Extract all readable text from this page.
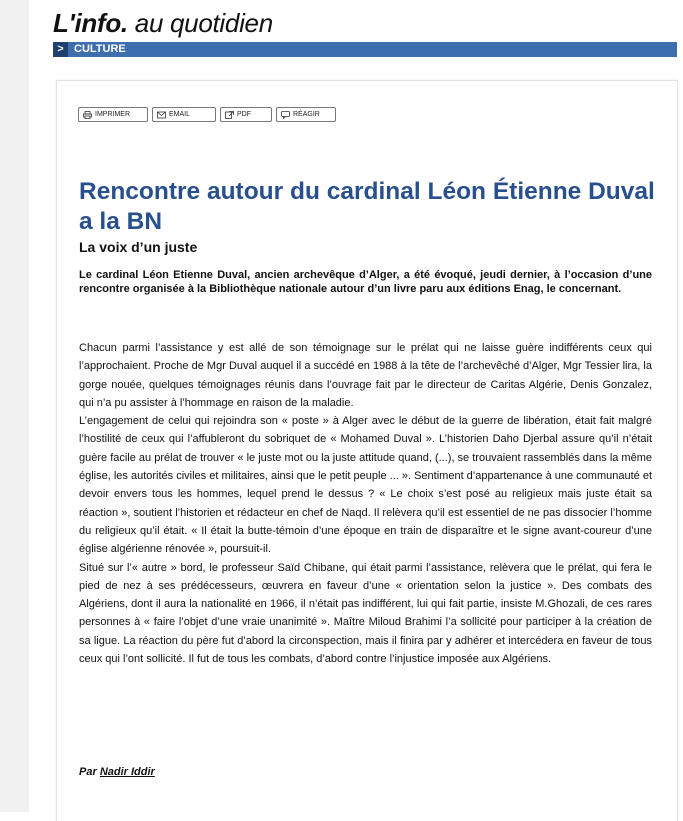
L'info. au quotidien
> CULTURE
IMPRIMER	EMAIL	PDF	RÉAGIR
Rencontre autour du cardinal Léon Étienne Duval a la BN
La voix d’un juste

Le cardinal Léon Etienne Duval, ancien archevêque d’Alger, a été évoqué, jeudi dernier, à l’occasion d’une rencontre organisée à la Bibliothèque nationale autour d’un livre paru aux éditions Enag, le concernant.

Chacun parmi l’assistance y est allé de son témoignage sur le prélat qui ne laisse guère indifférents ceux qui l’approchaient. Proche de Mgr Duval auquel il a succédé en 1988 à la tête de l’archevêché d’Alger, Mgr Tessier lira, la gorge nouée, quelques témoignages réunis dans l’ouvrage fait par le directeur de Caritas Algérie, Denis Gonzalez, qui n’a pu assister à l’hommage en raison de la maladie.

L’engagement de celui qui rejoindra son « poste » à Alger avec le début de la guerre de libération, était fait malgré l’hostilité de ceux qui l’affubleront du sobriquet de « Mohamed Duval ». L’historien Daho Djerbal assure qu’il n’était guère facile au prélat de trouver « le juste mot ou la juste attitude quand, (...), se trouvaient rassemblés dans la même église, les autorités civiles et militaires, ainsi que le petit peuple ... ». Sentiment d’appartenance à une communauté et devoir envers tous les hommes, lequel prend le dessus ? « Le choix s’est posé au religieux mais juste était sa réaction », soutient l’historien et rédacteur en chef de Naqd. Il relèvera qu’il est essentiel de ne pas dissocier l’homme du religieux qu’il était. « Il était la butte-témoin d’une époque en train de disparaître et le signe avant-coureur d’une église algérienne rénovée », poursuit-il.

Situé sur l’« autre » bord, le professeur Saïd Chibane, qui était parmi l’assistance, relèvera que le prélat, qui fera le pied de nez à ses prédécesseurs, œuvrera en faveur d’une « orientation selon la justice ». Des combats des Algériens, dont il aura la nationalité en 1966, il n’était pas indifférent, lui qui fait partie, insiste M.Ghozali, de ces rares personnes à « faire l’objet d’une vraie unanimité ». Maître Miloud Brahimi l’a sollicité pour participer à la création de sa ligue. La réaction du père fut d’abord la circonspection, mais il finira par y adhérer et intercédera en faveur de tous ceux qui l’ont sollicité. Il fut de tous les combats, d’abord contre l’injustice imposée aux Algériens.

Par Nadir Iddir
